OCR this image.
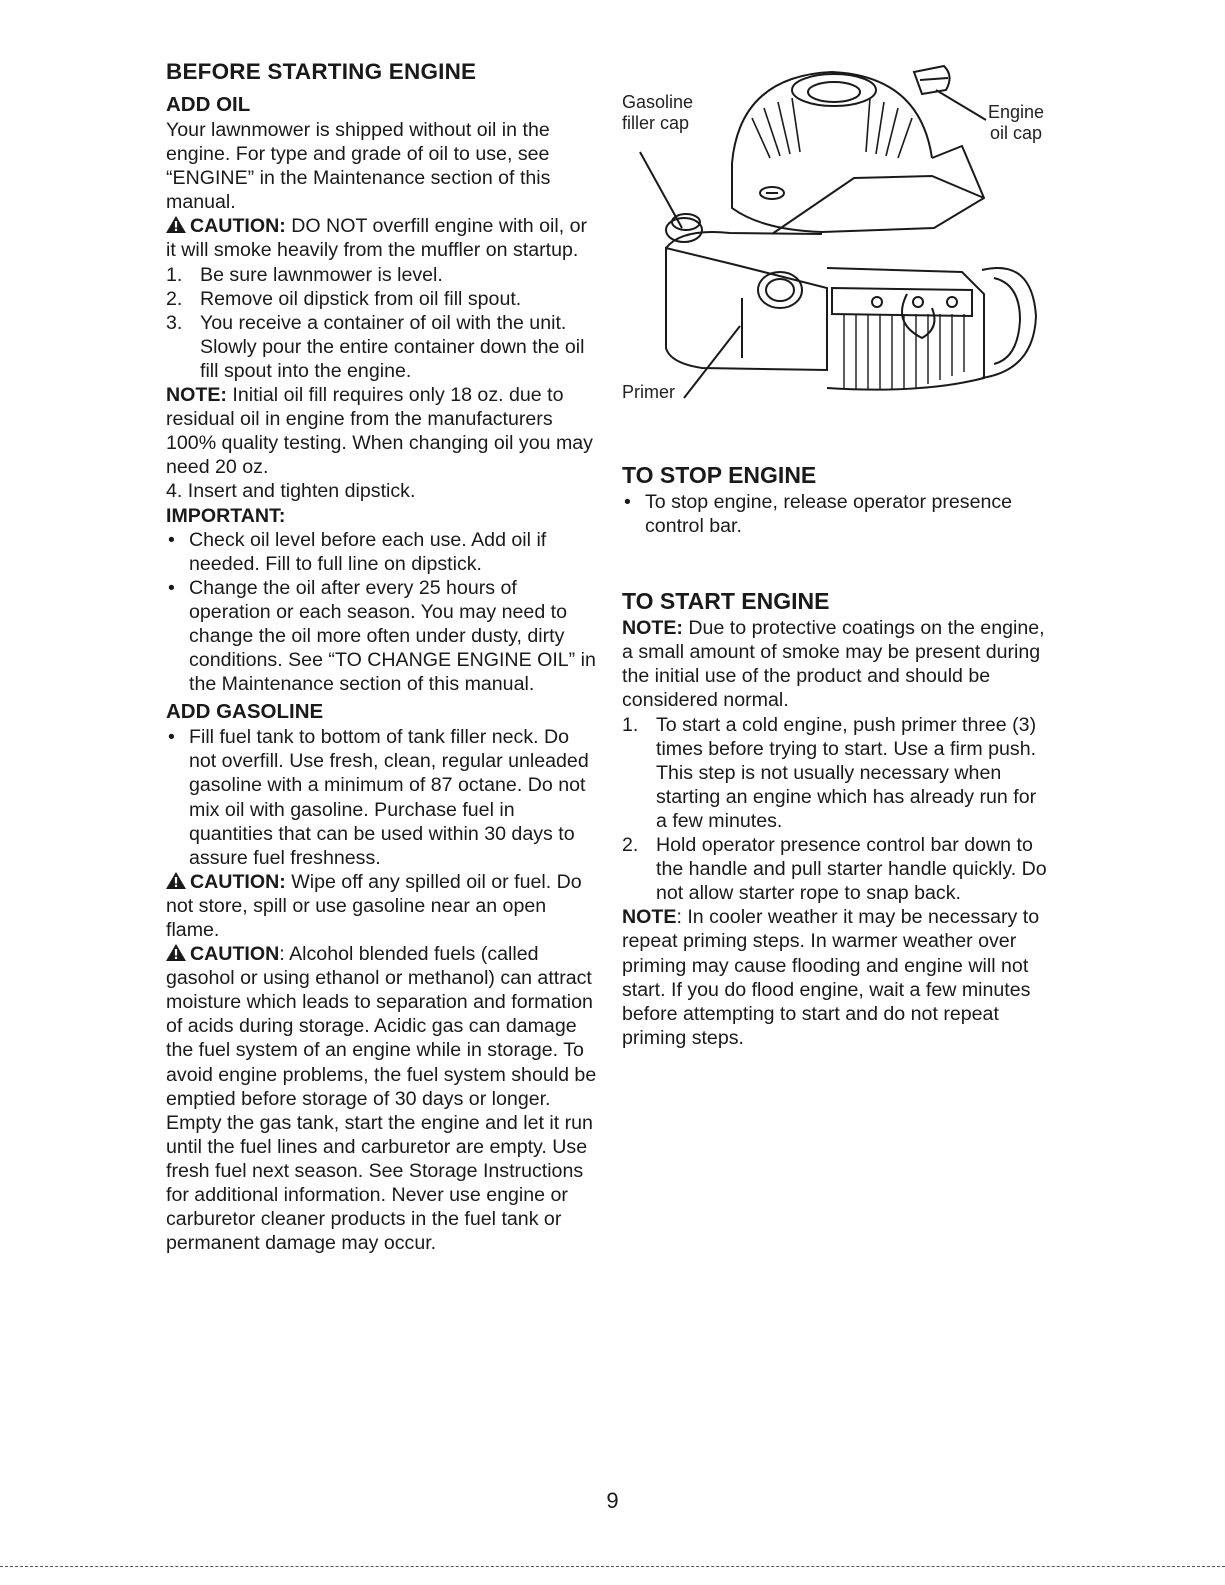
BEFORE STARTING ENGINE
ADD OIL

Your lawnmower is shipped without oil in the engine. For type and grade of oil to use, see “ENGINE” in the Maintenance section of this manual.

CAUTION: DO NOT overfill engine with oil, or it will smoke heavily from the muffler on startup.

1. Be sure lawnmower is level.
2. Remove oil dipstick from oil fill spout.
3. You receive a container of oil with the unit. Slowly pour the entire container down the oil fill spout into the engine.

NOTE: Initial oil fill requires only 18 oz. due to residual oil in engine from the manufacturers 100% quality testing. When changing oil you may need 20 oz.

4. Insert and tighten dipstick.

IMPORTANT:

• Check oil level before each use. Add oil if needed. Fill to full line on dipstick.
• Change the oil after every 25 hours of operation or each season. You may need to change the oil more often under dusty, dirty conditions. See “TO CHANGE ENGINE OIL” in the Maintenance section of this manual.
ADD GASOLINE
• Fill fuel tank to bottom of tank filler neck. Do not overfill. Use fresh, clean, regular unleaded gasoline with a minimum of 87 octane. Do not mix oil with gasoline. Purchase fuel in quantities that can be used within 30 days to assure fuel freshness.

CAUTION: Wipe off any spilled oil or fuel. Do not store, spill or use gasoline near an open flame.

CAUTION: Alcohol blended fuels (called gasohol or using ethanol or methanol) can attract moisture which leads to separation and formation of acids during storage. Acidic gas can damage the fuel system of an engine while in storage. To avoid engine problems, the fuel system should be emptied before storage of 30 days or longer. Empty the gas tank, start the engine and let it run until the fuel lines and carburetor are empty. Use fresh fuel next season. See Storage Instructions for additional information. Never use engine or carburetor cleaner products in the fuel tank or permanent damage may occur.

Gasoline
filler cap
Engine
oil cap
Primer
TO STOP ENGINE
• To stop engine, release operator presence control bar.
TO START ENGINE

NOTE: Due to protective coatings on the engine, a small amount of smoke may be present during the initial use of the product and should be considered normal.

1. To start a cold engine, push primer three (3) times before trying to start. Use a firm push. This step is not usually necessary when starting an engine which has already run for a few minutes.
2. Hold operator presence control bar down to the handle and pull starter handle quickly. Do not allow starter rope to snap back.

NOTE: In cooler weather it may be necessary to repeat priming steps. In warmer weather over priming may cause flooding and engine will not start. If you do flood engine, wait a few minutes before attempting to start and do not repeat priming steps.

9
